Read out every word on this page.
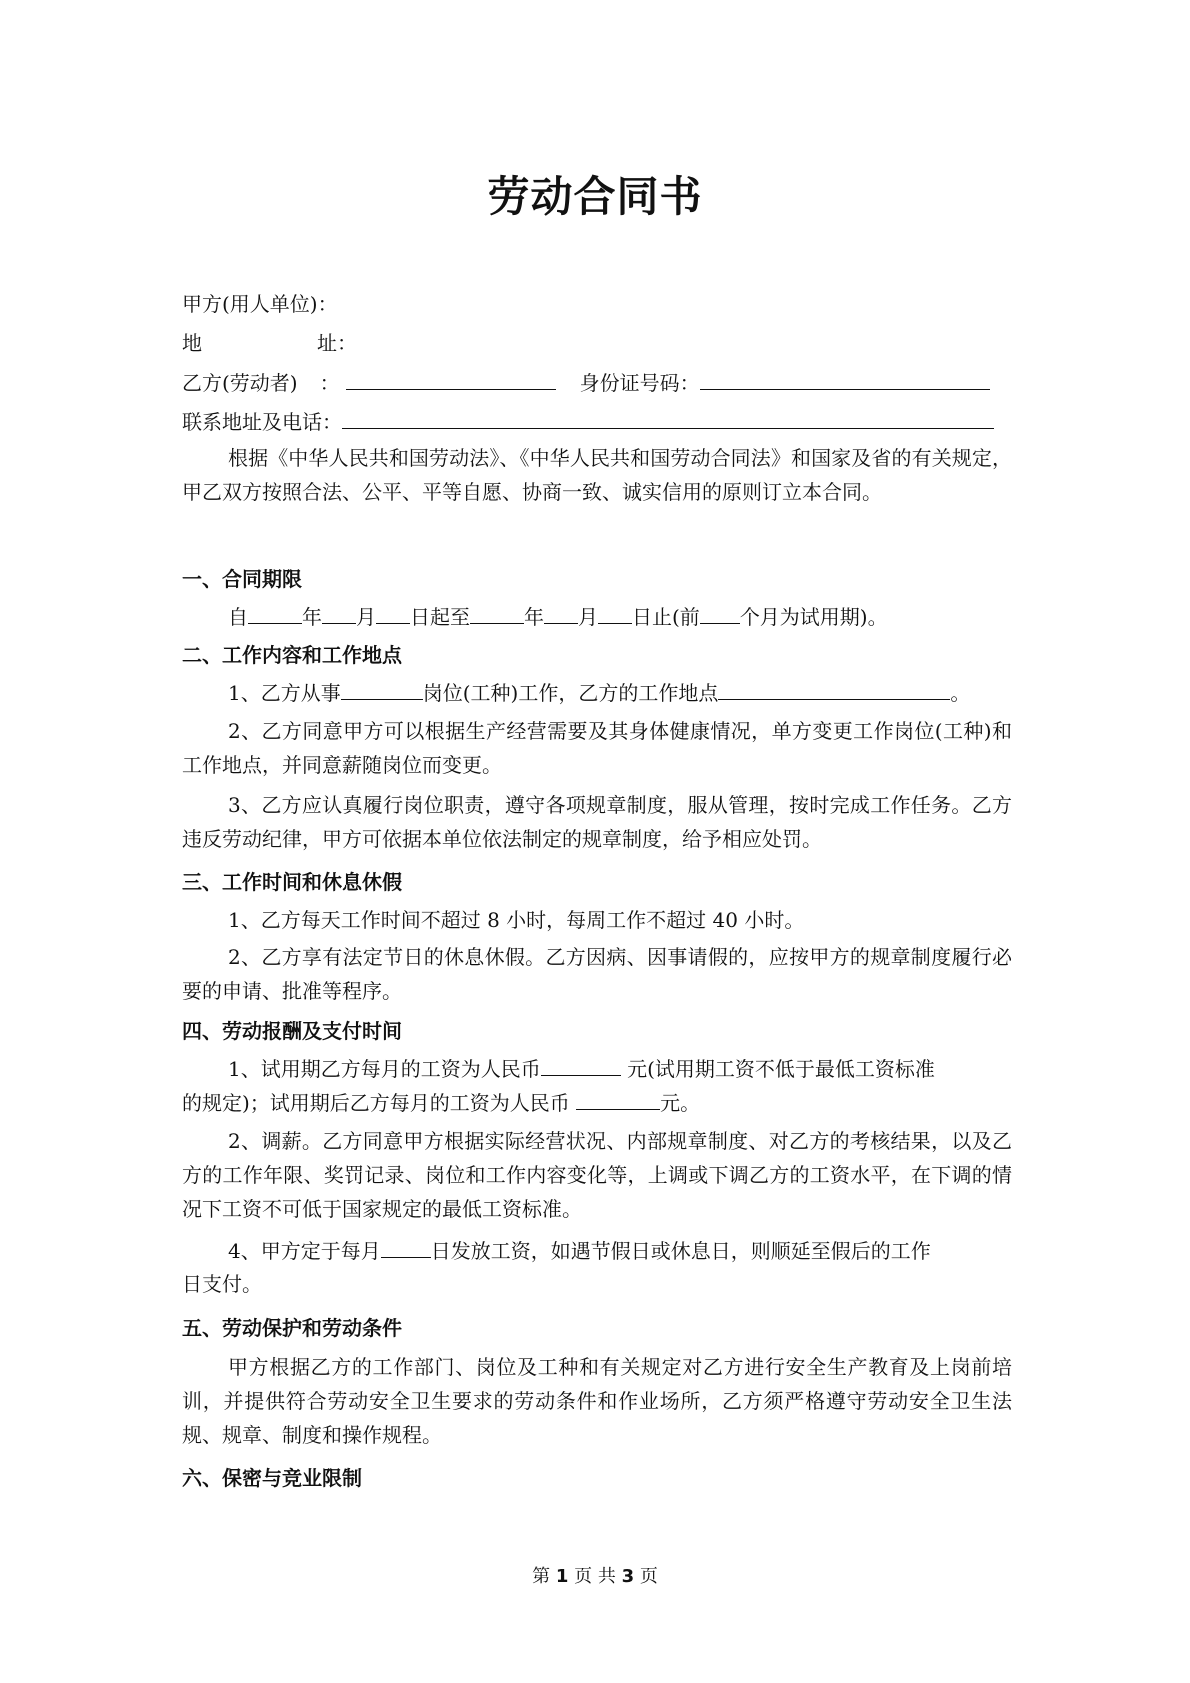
劳动合同书
甲方(用人单位)：
地	址：
乙方(劳动者) ：	身份证号码：
联系地址及电话：
根据《中华人民共和国劳动法》、《中华人民共和国劳动合同法》和国家及省的有关规定，甲乙双方按照合法、公平、平等自愿、协商一致、诚实信用的原则订立本合同。
一、合同期限
自	年 月 日起至	年 月 日止(前 个月为试用期)。
二、工作内容和工作地点
1、乙方从事	岗位(工种)工作，乙方的工作地点	。
2、乙方同意甲方可以根据生产经营需要及其身体健康情况，单方变更工作岗位(工种)和工作地点，并同意薪随岗位而变更。
3、乙方应认真履行岗位职责，遵守各项规章制度，服从管理，按时完成工作任务。乙方违反劳动纪律，甲方可依据本单位依法制定的规章制度，给予相应处罚。
三、工作时间和休息休假
1、乙方每天工作时间不超过 8 小时，每周工作不超过 40 小时。
2、乙方享有法定节日的休息休假。乙方因病、因事请假的，应按甲方的规章制度履行必要的申请、批准等程序。
四、劳动报酬及支付时间
1、试用期乙方每月的工资为人民币	元(试用期工资不低于最低工资标准
的规定)；试用期后乙方每月的工资为人民币	元。
2、调薪。乙方同意甲方根据实际经营状况、内部规章制度、对乙方的考核结果，以及乙方的工作年限、奖罚记录、岗位和工作内容变化等，上调或下调乙方的工资水平，在下调的情况下工资不可低于国家规定的最低工资标准。
4、甲方定于每月	日发放工资，如遇节假日或休息日，则顺延至假后的工作
日支付。
五、劳动保护和劳动条件
甲方根据乙方的工作部门、岗位及工种和有关规定对乙方进行安全生产教育及上岗前培训，并提供符合劳动安全卫生要求的劳动条件和作业场所，乙方须严格遵守劳动安全卫生法规、规章、制度和操作规程。
六、保密与竞业限制
第 1 页 共 3 页
